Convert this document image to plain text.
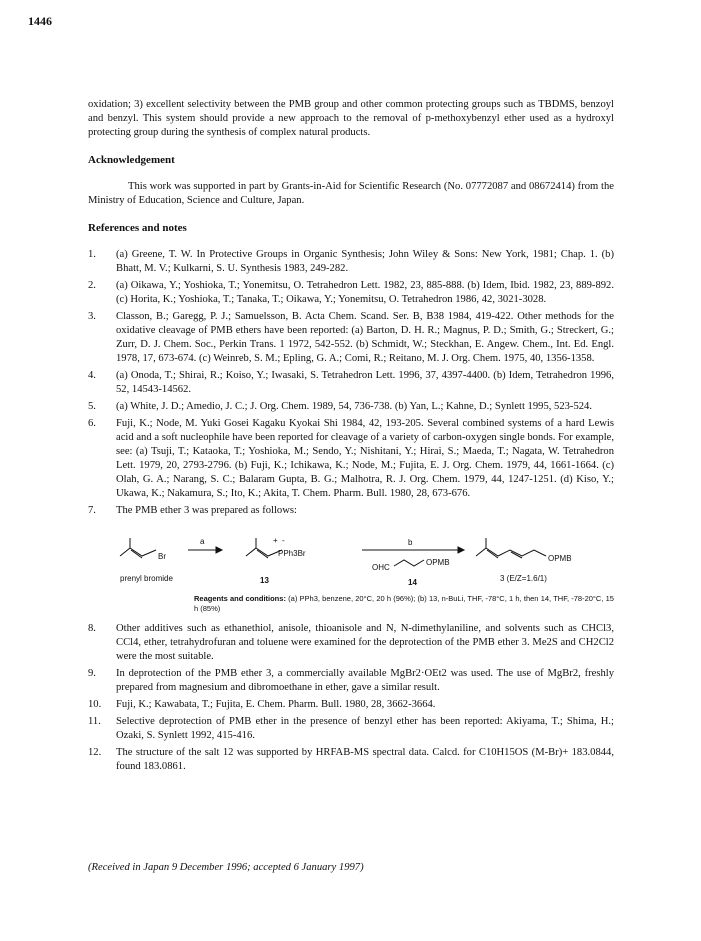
1446

oxidation; 3) excellent selectivity between the PMB group and other common protecting groups such as TBDMS, benzoyl and benzyl. This system should provide a new approach to the removal of p-methoxybenzyl ether used as a hydroxyl protecting group during the synthesis of complex natural products.

Acknowledgement

This work was supported in part by Grants-in-Aid for Scientific Research (No. 07772087 and 08672414) from the Ministry of Education, Science and Culture, Japan.

References and notes
1. (a) Greene, T. W. In Protective Groups in Organic Synthesis; John Wiley & Sons: New York, 1981; Chap. 1. (b) Bhatt, M. V.; Kulkarni, S. U. Synthesis 1983, 249-282.
2. (a) Oikawa, Y.; Yoshioka, T.; Yonemitsu, O. Tetrahedron Lett. 1982, 23, 885-888. (b) Idem, Ibid. 1982, 23, 889-892. (c) Horita, K.; Yoshioka, T.; Tanaka, T.; Oikawa, Y.; Yonemitsu, O. Tetrahedron 1986, 42, 3021-3028.
3. Classon, B.; Garegg, P. J.; Samuelsson, B. Acta Chem. Scand. Ser. B, B38 1984, 419-422. Other methods for the oxidative cleavage of PMB ethers have been reported: (a) Barton, D. H. R.; Magnus, P. D.; Smith, G.; Streckert, G.; Zurr, D. J. Chem. Soc., Perkin Trans. 1 1972, 542-552. (b) Schmidt, W.; Steckhan, E. Angew. Chem., Int. Ed. Engl. 1978, 17, 673-674. (c) Weinreb, S. M.; Epling, G. A.; Comi, R.; Reitano, M. J. Org. Chem. 1975, 40, 1356-1358.
4. (a) Onoda, T.; Shirai, R.; Koiso, Y.; Iwasaki, S. Tetrahedron Lett. 1996, 37, 4397-4400. (b) Idem, Tetrahedron 1996, 52, 14543-14562.
5. (a) White, J. D.; Amedio, J. C.; J. Org. Chem. 1989, 54, 736-738. (b) Yan, L.; Kahne, D.; Synlett 1995, 523-524.
6. Fuji, K.; Node, M. Yuki Gosei Kagaku Kyokai Shi 1984, 42, 193-205. Several combined systems of a hard Lewis acid and a soft nucleophile have been reported for cleavage of a variety of carbon-oxygen single bonds. For example, see: (a) Tsuji, T.; Kataoka, T.; Yoshioka, M.; Sendo, Y.; Nishitani, Y.; Hirai, S.; Maeda, T.; Nagata, W. Tetrahedron Lett. 1979, 20, 2793-2796. (b) Fuji, K.; Ichikawa, K.; Node, M.; Fujita, E. J. Org. Chem. 1979, 44, 1661-1664. (c) Olah, G. A.; Narang, S. C.; Balaram Gupta, B. G.; Malhotra, R. J. Org. Chem. 1979, 44, 1247-1251. (d) Kiso, Y.; Ukawa, K.; Nakamura, S.; Ito, K.; Akita, T. Chem. Pharm. Bull. 1980, 28, 673-676.
7. The PMB ether 3 was prepared as follows:
Br
a	+ -
PPh3Br
b
OHC
OPMB	OPMB
prenyl bromide	13	14	3 (E/Z=1.6/1)
Reagents and conditions: (a) PPh3, benzene, 20°C, 20 h (96%); (b) 13, n-BuLi, THF, -78°C, 1 h, then 14, THF, -78-20°C, 15 h (85%)
8. Other additives such as ethanethiol, anisole, thioanisole and N, N-dimethylaniline, and solvents such as CHCl3, CCl4, ether, tetrahydrofuran and toluene were examined for the deprotection of the PMB ether 3. Me2S and CH2Cl2 were the most suitable.
9. In deprotection of the PMB ether 3, a commercially available MgBr2·OEt2 was used. The use of MgBr2, freshly prepared from magnesium and dibromoethane in ether, gave a similar result.
10. Fuji, K.; Kawabata, T.; Fujita, E. Chem. Pharm. Bull. 1980, 28, 3662-3664.
11. Selective deprotection of PMB ether in the presence of benzyl ether has been reported: Akiyama, T.; Shima, H.; Ozaki, S. Synlett 1992, 415-416.
12. The structure of the salt 12 was supported by HRFAB-MS spectral data. Calcd. for C10H15OS (M-Br)+ 183.0844, found 183.0861.
(Received in Japan 9 December 1996; accepted 6 January 1997)
